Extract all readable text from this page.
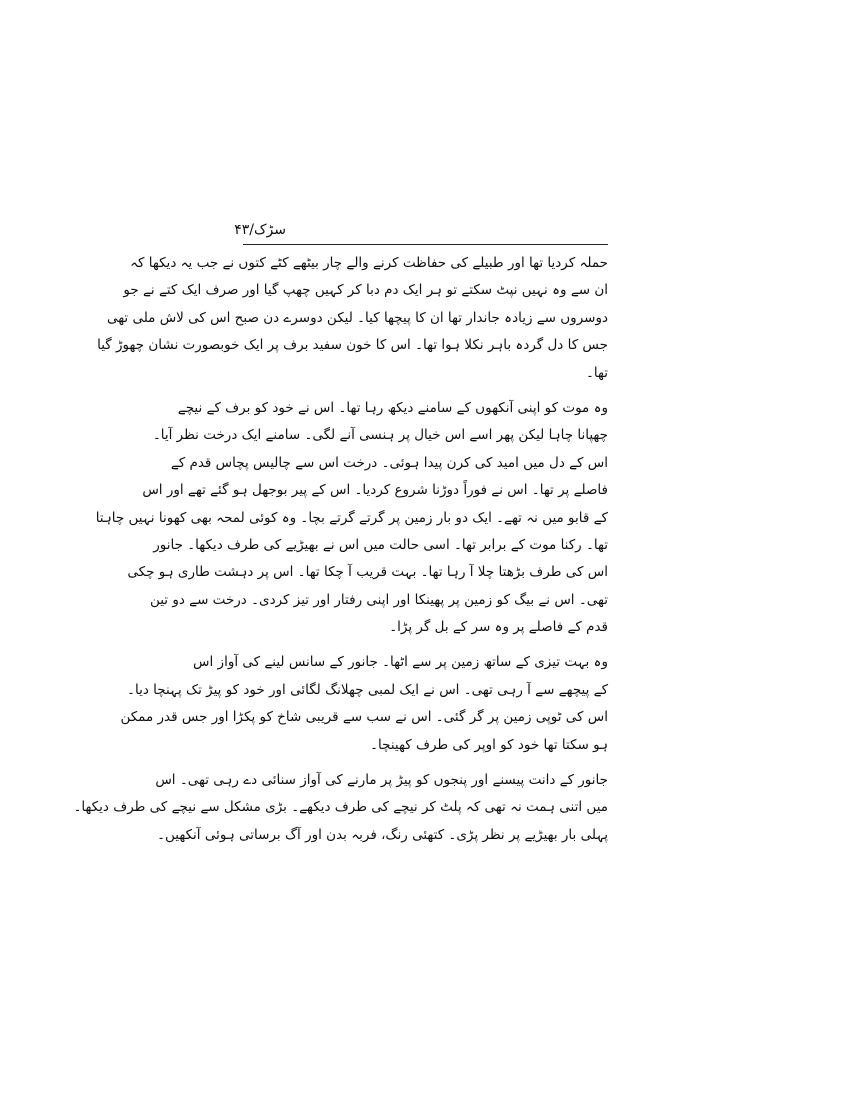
سڑک/۴۳
حملہ کردیا تھا اور طبیلے کی حفاظت کرنے والے چار بیٹھے کٹے کتوں نے جب یہ دیکھا کہ
ان سے وہ نہیں نپٹ سکتے تو ہر ایک دم دبا کر کہیں چھپ گیا اور صرف ایک کتے نے جو
دوسروں سے زیادہ جاندار تھا ان کا پیچھا کیا۔ لیکن دوسرے دن صبح اس کی لاش ملی تھی
جس کا دل گردہ باہر نکلا ہوا تھا۔ اس کا خون سفید برف پر ایک خوبصورت نشان چھوڑ گیا
تھا۔
وہ موت کو اپنی آنکھوں کے سامنے دیکھ رہا تھا۔ اس نے خود کو برف کے نیچے
چھپانا چاہا لیکن پھر اسے اس خیال پر ہنسی آنے لگی۔ سامنے ایک درخت نظر آیا۔
اس کے دل میں امید کی کرن پیدا ہوئی۔ درخت اس سے چالیس پچاس قدم کے
فاصلے پر تھا۔ اس نے فوراً دوڑنا شروع کردیا۔ اس کے پیر بوجھل ہو گئے تھے اور اس
کے قابو میں نہ تھے۔ ایک دو بار زمین پر گرتے گرتے بچا۔ وہ کوئی لمحہ بھی کھونا نہیں چاہتا
تھا۔ رکنا موت کے برابر تھا۔ اسی حالت میں اس نے بھیڑیے کی طرف دیکھا۔ جانور
اس کی طرف بڑھتا چلا آ رہا تھا۔ بہت قریب آ چکا تھا۔ اس پر دہشت طاری ہو چکی
تھی۔ اس نے بیگ کو زمین پر پھینکا اور اپنی رفتار اور تیز کردی۔ درخت سے دو تین
قدم کے فاصلے پر وہ سر کے بل گر پڑا۔
وہ بہت تیزی کے ساتھ زمین پر سے اٹھا۔ جانور کے سانس لینے کی آواز اس
کے پیچھے سے آ رہی تھی۔ اس نے ایک لمبی چھلانگ لگائی اور خود کو پیڑ تک پہنچا دیا۔
اس کی ٹوپی زمین پر گر گئی۔ اس نے سب سے قریبی شاخ کو پکڑا اور جس قدر ممکن
ہو سکتا تھا خود کو اوپر کی طرف کھینچا۔
جانور کے دانت پیسنے اور پنجوں کو پیڑ پر مارنے کی آواز سنائی دے رہی تھی۔ اس
میں اتنی ہمت نہ تھی کہ پلٹ کر نیچے کی طرف دیکھے۔ بڑی مشکل سے نیچے کی طرف دیکھا۔
پہلی بار بھیڑیے پر نظر پڑی۔ کتھئی رنگ، فربہ بدن اور آگ برساتی ہوئی آنکھیں۔
